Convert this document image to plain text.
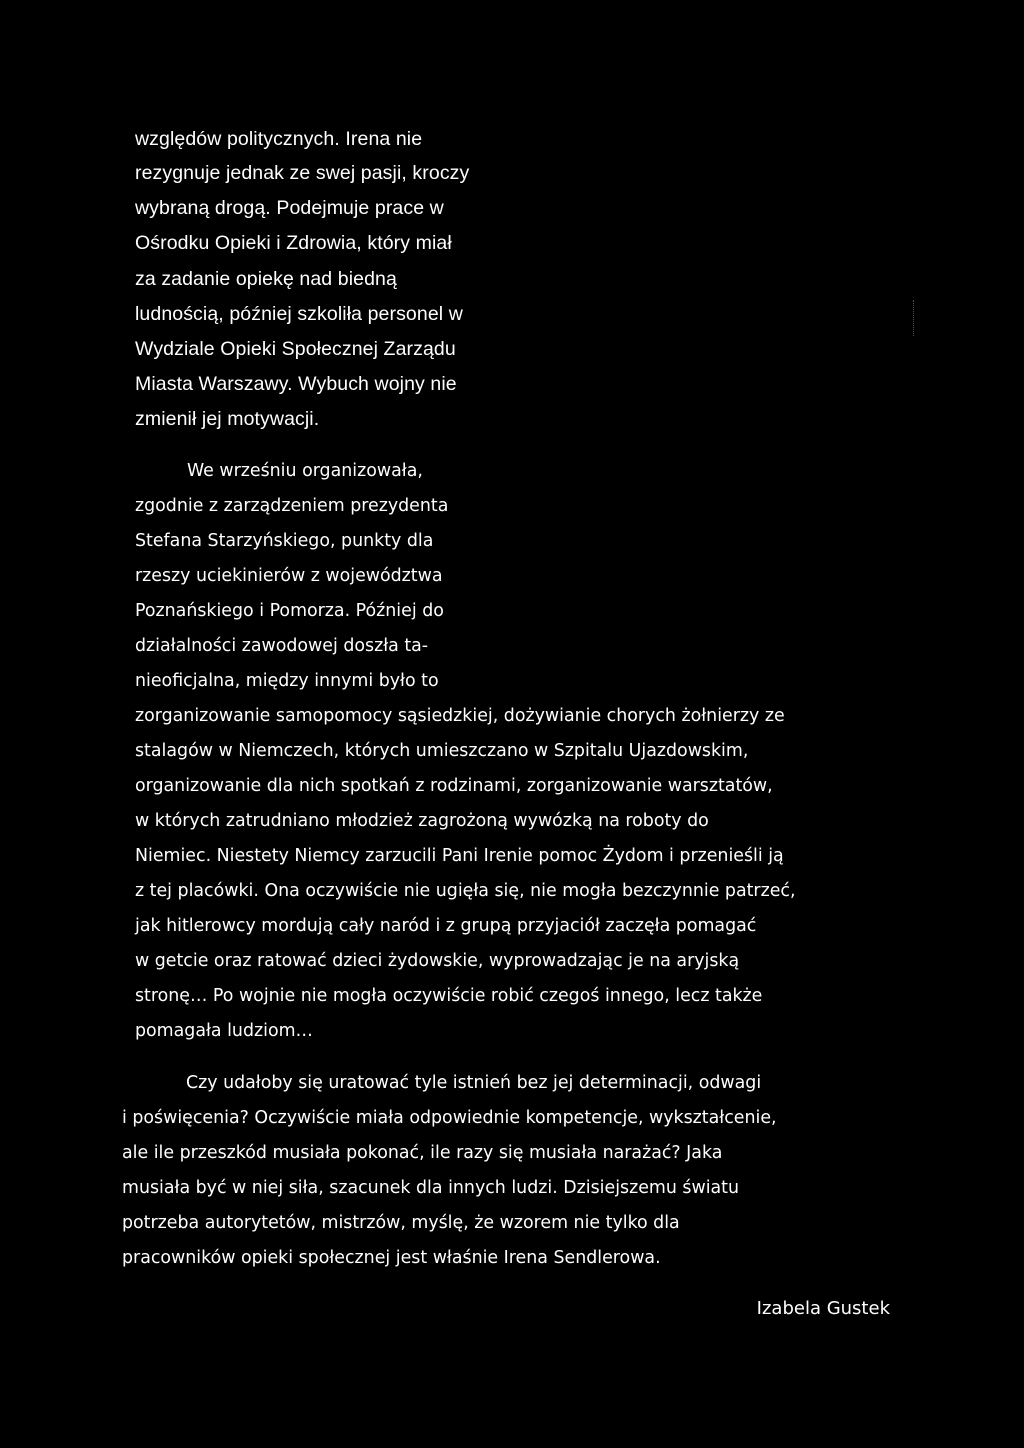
względów politycznych. Irena nie

rezygnuje jednak ze swej pasji, kroczy

wybraną drogą. Podejmuje prace w

Ośrodku Opieki i Zdrowia, który miał

za zadanie opiekę nad biedną

ludnością, później szkoliła personel w

Wydziale Opieki Społecznej Zarządu

Miasta Warszawy. Wybuch wojny nie

zmienił jej motywacji.

We wrześniu organizowała,

zgodnie z zarządzeniem prezydenta

Stefana Starzyńskiego, punkty dla

rzeszy uciekinierów z województwa

Poznańskiego i Pomorza. Później do

działalności zawodowej doszła ta-

nieoficjalna, między innymi było to

zorganizowanie samopomocy sąsiedzkiej, dożywianie chorych żołnierzy ze

stalagów w Niemczech, których umieszczano w Szpitalu Ujazdowskim,

organizowanie dla nich spotkań z rodzinami, zorganizowanie warsztatów,

w których zatrudniano młodzież zagrożoną wywózką na roboty do

Niemiec. Niestety Niemcy zarzucili Pani Irenie pomoc Żydom i przenieśli ją

z tej placówki. Ona oczywiście nie ugięła się, nie mogła bezczynnie patrzeć,

jak hitlerowcy mordują cały naród i z grupą przyjaciół zaczęła pomagać

w getcie oraz ratować dzieci żydowskie, wyprowadzając je na aryjską

stronę… Po wojnie nie mogła oczywiście robić czegoś innego, lecz także

pomagała ludziom…

Czy udałoby się uratować tyle istnień bez jej determinacji, odwagi

i poświęcenia? Oczywiście miała odpowiednie kompetencje, wykształcenie,

ale ile przeszkód musiała pokonać, ile razy się musiała narażać? Jaka

musiała być w niej siła, szacunek dla innych ludzi. Dzisiejszemu światu

potrzeba autorytetów, mistrzów, myślę, że wzorem nie tylko dla

pracowników opieki społecznej jest właśnie Irena Sendlerowa.

Izabela Gustek
